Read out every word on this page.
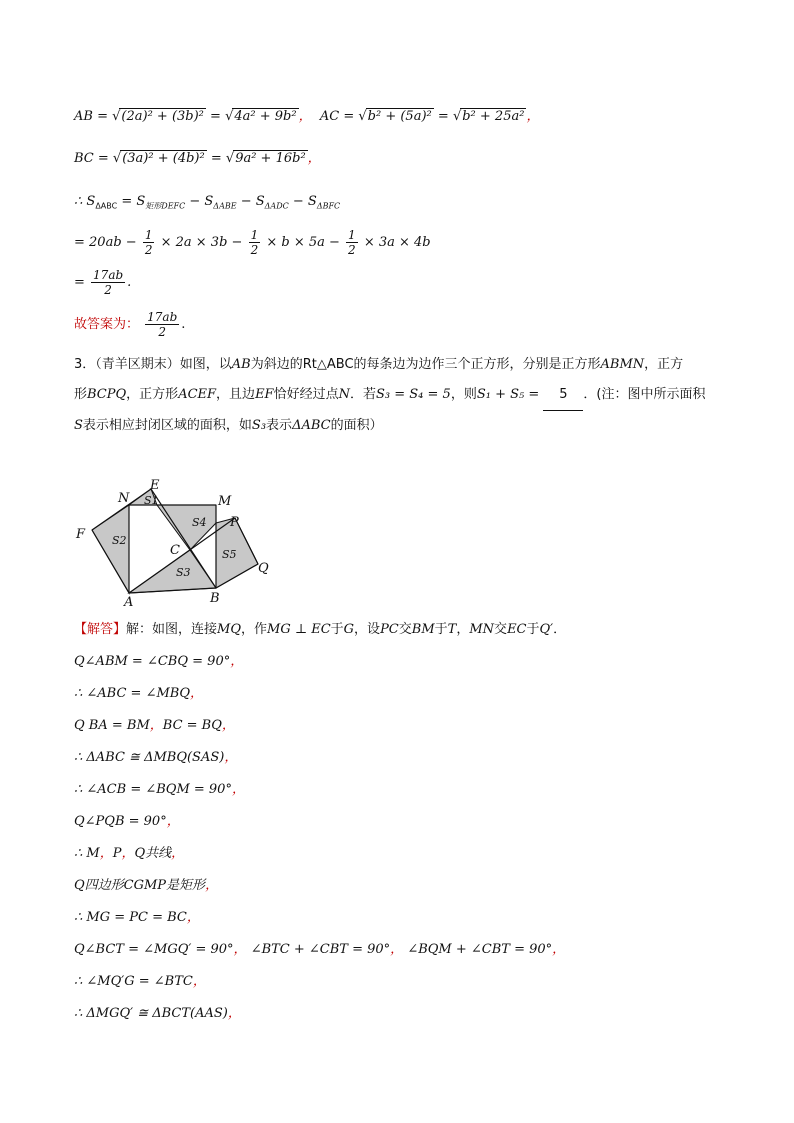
AB = √(2a)² + (3b)² = √4a² + 9b² ， AC = √b² + (5a)² = √b² + 25a² ，
BC = √(3a)² + (4b)² = √9a² + 16b² ，
∴ $S_{\Delta ABC} = S_{矩形DEFC} - S_{\Delta ABE} - S_{\Delta ADC} - S_{\Delta BFC}$
= $20ab - \frac{1}{2} \times 2a \times 3b - \frac{1}{2} \times b \times 5a - \frac{1}{2} \times 3a \times 4b$
= $\frac{17ab}{2}$ .
故答案为： $\frac{17ab}{2}$ .
3．（青羊区期末）如图，以AB为斜边的Rt△ABC的每条边为边作三个正方形，分别是正方形ABMN，正方
形BCPQ，正方形ACEF，且边EF恰好经过点N．若S₃ = S₄ = 5，则S₁ + S₅ = 5 ．(注：图中所示面积
S表示相应封闭区域的面积，如S₃表示ΔABC的面积）
N
E
M
S1
F S2
S4 P
C	S5
Q
S3
A	B
【解答】解：如图，连接MQ，作MG ⊥ EC于G，设PC交BM于T，MN交EC于Q′．
Q∠ABM = ∠CBQ = 90°，
∴ ∠ABC = ∠MBQ，
Q BA = BM，BC = BQ，
∴ ΔABC ≅ ΔMBQ(SAS)，
∴ ∠ACB = ∠BQM = 90°，
Q∠PQB = 90°，
∴ M，P，Q共线，
Q四边形CGMP是矩形，
∴ MG = PC = BC，
Q∠BCT = ∠MGQ′ = 90°， ∠BTC + ∠CBT = 90°， ∠BQM + ∠CBT = 90°，
∴ ∠MQ′G = ∠BTC，
∴ ΔMGQ′ ≅ ΔBCT(AAS)，
